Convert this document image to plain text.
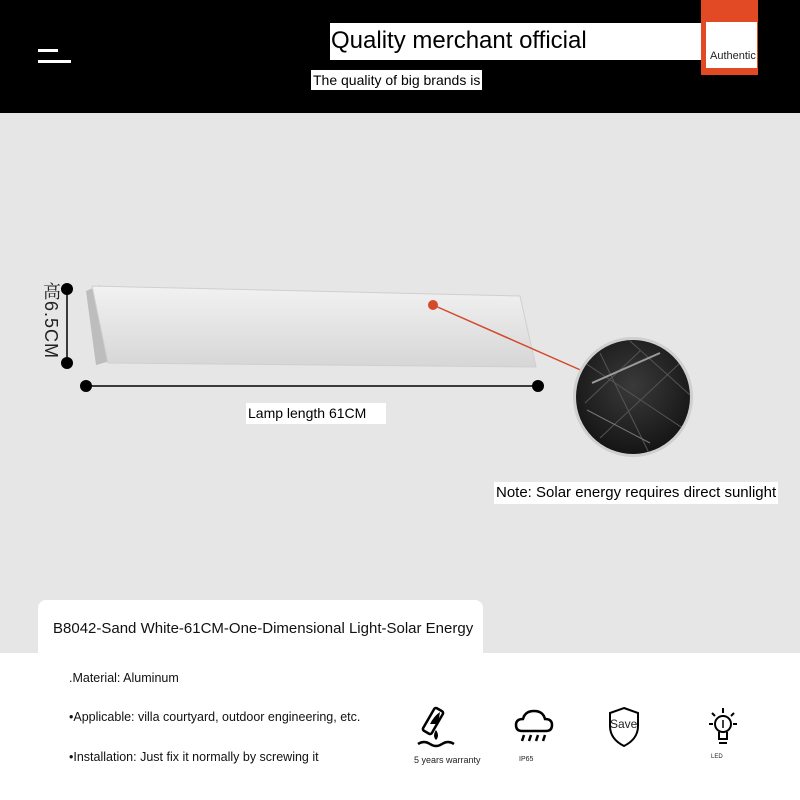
Quality merchant official
The quality of big brands is
Authentic
高6.5CM
Lamp length 61CM
Note: Solar energy requires direct sunlight
B8042-Sand White-61CM-One-Dimensional Light-Solar Energy
.Material: Aluminum
•Applicable: villa courtyard, outdoor engineering, etc.
•Installation: Just fix it normally by screwing it	5 years warranty	IP65
Save
LED
